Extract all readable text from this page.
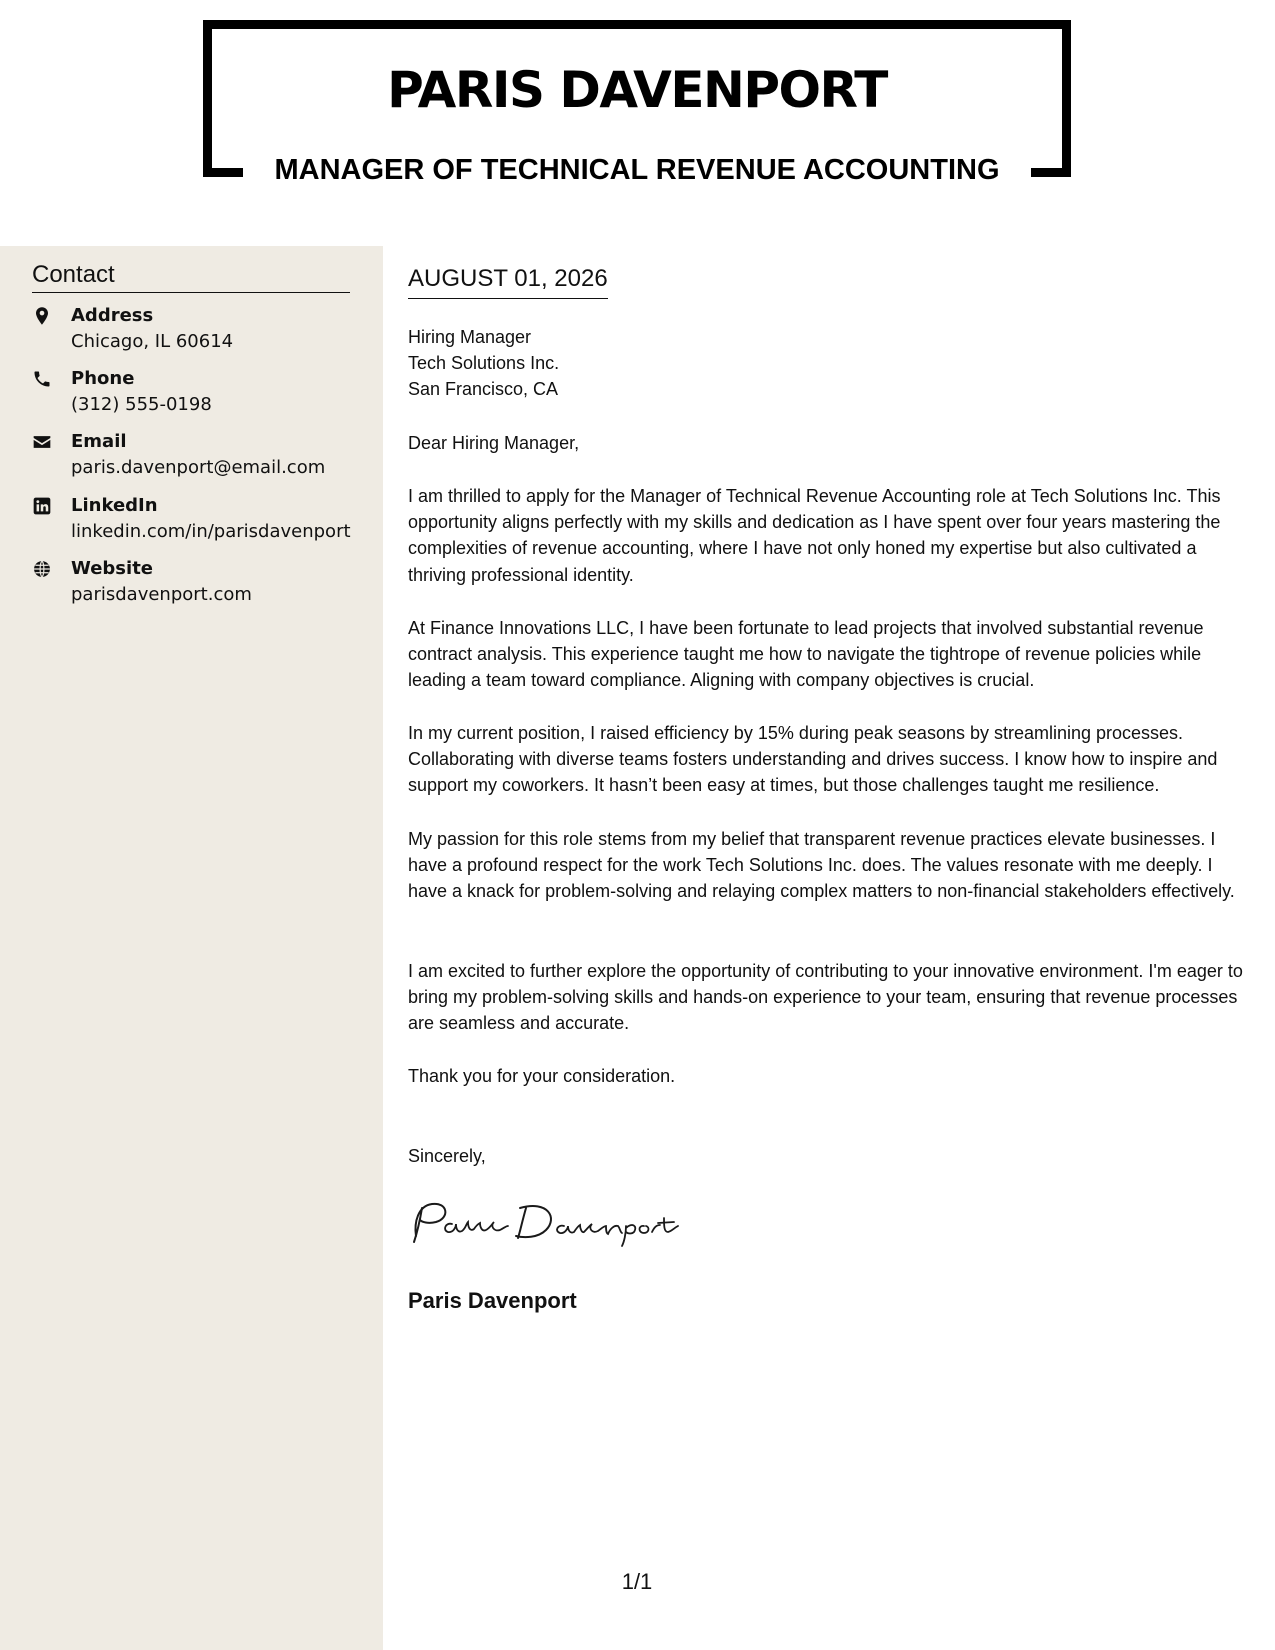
PARIS DAVENPORT
MANAGER OF TECHNICAL REVENUE ACCOUNTING
Contact
Address
Chicago, IL 60614
Phone
(312) 555-0198
Email
paris.davenport@email.com
LinkedIn
linkedin.com/in/parisdavenport
Website
parisdavenport.com
AUGUST 01, 2026
Hiring Manager
Tech Solutions Inc.
San Francisco, CA

Dear Hiring Manager,

I am thrilled to apply for the Manager of Technical Revenue Accounting role at Tech Solutions Inc. This opportunity aligns perfectly with my skills and dedication as I have spent over four years mastering the complexities of revenue accounting, where I have not only honed my expertise but also cultivated a thriving professional identity.

At Finance Innovations LLC, I have been fortunate to lead projects that involved substantial revenue contract analysis. This experience taught me how to navigate the tightrope of revenue policies while leading a team toward compliance. Aligning with company objectives is crucial.

In my current position, I raised efficiency by 15% during peak seasons by streamlining processes. Collaborating with diverse teams fosters understanding and drives success. I know how to inspire and support my coworkers. It hasn’t been easy at times, but those challenges taught me resilience.

My passion for this role stems from my belief that transparent revenue practices elevate businesses. I have a profound respect for the work Tech Solutions Inc. does. The values resonate with me deeply. I have a knack for problem-solving and relaying complex matters to non-financial stakeholders effectively.

I am excited to further explore the opportunity of contributing to your innovative environment. I'm eager to bring my problem-solving skills and hands-on experience to your team, ensuring that revenue processes are seamless and accurate.

Thank you for your consideration.

Sincerely,

Paris Davenport
1/1
